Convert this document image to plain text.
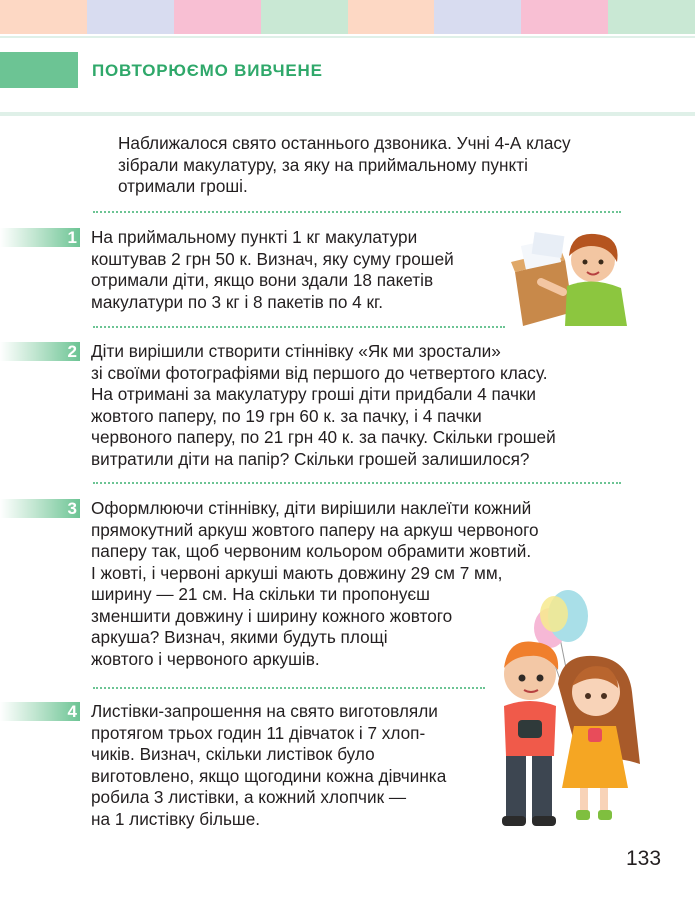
ПОВТОРЮЄМО ВИВЧЕНЕ
Наближалося свято останнього дзвоника. Учні 4-А класу
зібрали макулатуру, за яку на приймальному пункті
отримали гроші.
1 На приймальному пункті 1 кг макулатури
коштував 2 грн 50 к. Визнач, яку суму грошей
отримали діти, якщо вони здали 18 пакетів
макулатури по 3 кг і 8 пакетів по 4 кг.
2 Діти вирішили створити стіннівку «Як ми зростали»
зі своїми фотографіями від першого до четвертого класу.
На отримані за макулатуру гроші діти придбали 4 пачки
жовтого паперу, по 19 грн 60 к. за пачку, і 4 пачки
червоного паперу, по 21 грн 40 к. за пачку. Скільки грошей
витратили діти на папір? Скільки грошей залишилося?
3 Оформлюючи стіннівку, діти вирішили наклеїти кожний
прямокутний аркуш жовтого паперу на аркуш червоного
паперу так, щоб червоним кольором обрамити жовтий.
І жовті, і червоні аркуші мають довжину 29 см 7 мм,
ширину — 21 см. На скільки ти пропонуєш
зменшити довжину і ширину кожного жовтого
аркуша? Визнач, якими будуть площі
жовтого і червоного аркушів.
4 Листівки-запрошення на свято виготовляли
протягом трьох годин 11 дівчаток і 7 хлоп-
чиків. Визнач, скільки листівок було
виготовлено, якщо щогодини кожна дівчинка
робила 3 листівки, а кожний хлопчик —
на 1 листівку більше.
133
